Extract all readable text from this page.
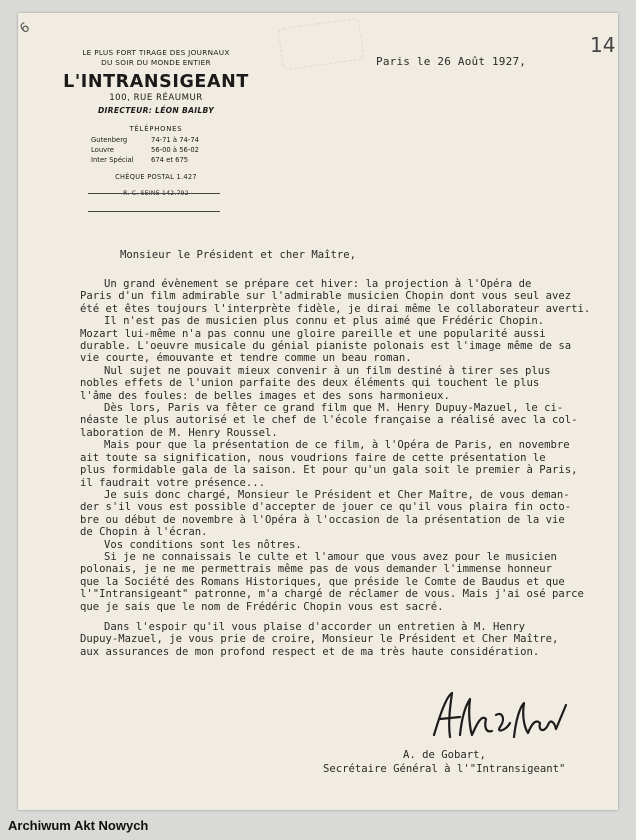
6
14
LE PLUS FORT TIRAGE DES JOURNAUX
DU SOIR DU MONDE ENTIER
L'INTRANSIGEANT
100, RUE RÉAUMUR
DIRECTEUR: LÉON BAILBY
TÉLÉPHONES
Gutenberg	74-71 à 74-74
Louvre	56-00 à 56-02
Inter Spécial	674 et 675
CHÈQUE POSTAL 1.427
R. C. SEINE 142.792
Paris le 26 Août 1927,
Monsieur le Président et cher Maître,
Un grand évènement se prépare cet hiver: la projection à l'Opéra de
Paris d'un film admirable sur l'admirable musicien Chopin dont vous seul avez
été et êtes toujours l'interprète fidèle, je dirai même le collaborateur averti.
Il n'est pas de musicien plus connu et plus aimé que Frédéric Chopin.
Mozart lui-même n'a pas connu une gloire pareille et une popularité aussi
durable. L'oeuvre musicale du génial pianiste polonais est l'image même de sa
vie courte, émouvante et tendre comme un beau roman.
Nul sujet ne pouvait mieux convenir à un film destiné à tirer ses plus
nobles effets de l'union parfaite des deux éléments qui touchent le plus
l'âme des foules: de belles images et des sons harmonieux.
Dès lors, Paris va fêter ce grand film que M. Henry Dupuy-Mazuel, le ci-
néaste le plus autorisé et le chef de l'école française a réalisé avec la col-
laboration de M. Henry Roussel.
Mais pour que la présentation de ce film, à l'Opéra de Paris, en novembre
ait toute sa signification, nous voudrions faire de cette présentation le
plus formidable gala de la saison. Et pour qu'un gala soit le premier à Paris,
il faudrait votre présence...
Je suis donc chargé, Monsieur le Président et Cher Maître, de vous deman-
der s'il vous est possible d'accepter de jouer ce qu'il vous plaira fin octo-
bre ou début de novembre à l'Opéra à l'occasion de la présentation de la vie
de Chopin à l'écran.
Vos conditions sont les nôtres.
Si je ne connaissais le culte et l'amour que vous avez pour le musicien
polonais, je ne me permettrais même pas de vous demander l'immense honneur
que la Société des Romans Historiques, que préside le Comte de Baudus et que
l'"Intransigeant" patronne, m'a chargé de réclamer de vous. Mais j'ai osé parce
que je sais que le nom de Frédéric Chopin vous est sacré.
Dans l'espoir qu'il vous plaise d'accorder un entretien à M. Henry
Dupuy-Mazuel, je vous prie de croire, Monsieur le Président et Cher Maître,
aux assurances de mon profond respect et de ma très haute considération.
A. de Gobart,
Secrétaire Général à l'"Intransigeant"
Archiwum Akt Nowych
